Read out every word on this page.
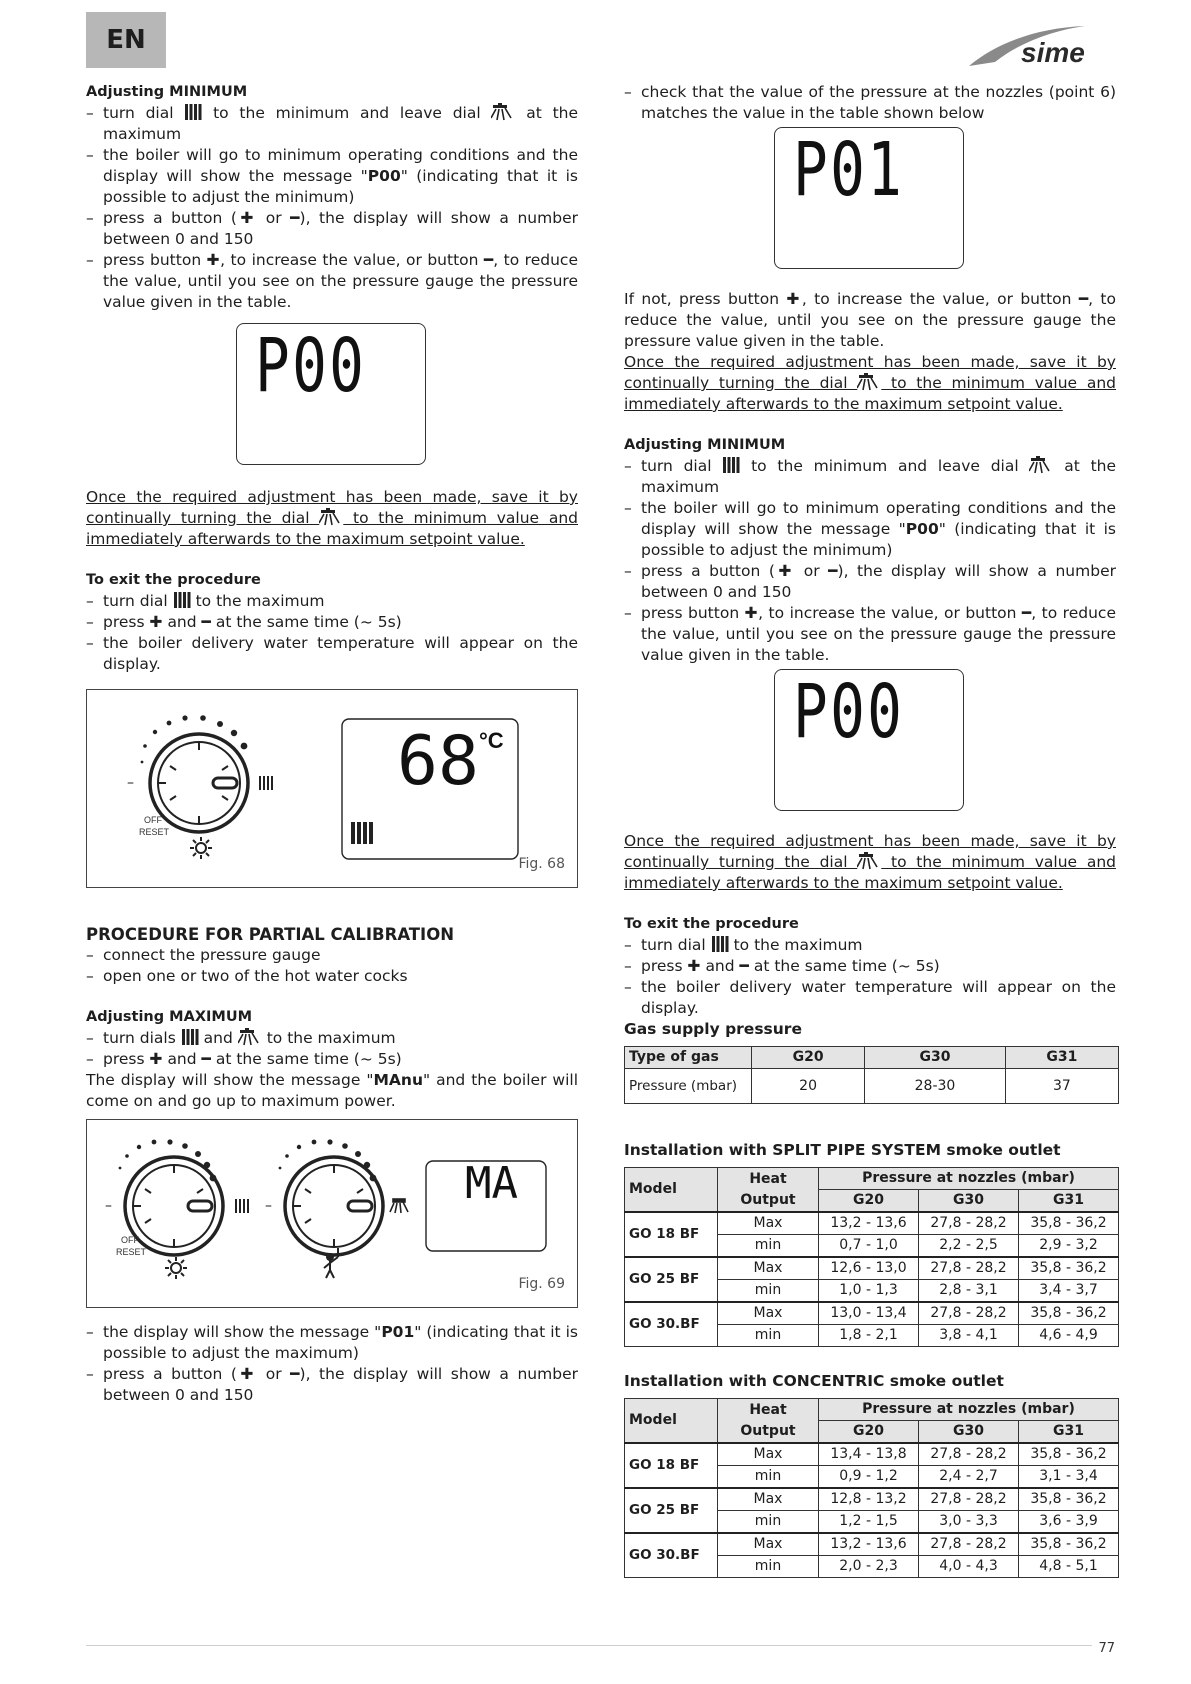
EN	sime
Adjusting MINIMUM
– turn dial	to the minimum and leave dial	at the maximum
– the boiler will go to minimum operating conditions and the display will show the message "P00" (indicating that it is possible to adjust the minimum)
– press a button (✚ or ━), the display will show a number between 0 and 150
– press button ✚, to increase the value, or button ━, to reduce the value, until you see on the pressure gauge the pressure value given in the table.
P00

Once the required adjustment has been made, save it by continually turning the dial	to the minimum value and immediately afterwards to the maximum setpoint value.

To exit the procedure
– turn dial to the maximum
– press ✚ and ━ at the same time (~ 5s)
– the boiler delivery water temperature will appear on the display.
–
OFF
RESET
68 °C
Fig. 68
PROCEDURE FOR PARTIAL CALIBRATION
– connect the pressure gauge
– open one or two of the hot water cocks
Adjusting MAXIMUM
– turn dials and to the maximum
– press ✚ and ━ at the same time (~ 5s)

The display will show the message "MAnu" and the boiler will come on and go up to maximum power.

–
OFF
RESET
–	MA
Fig. 69
– the display will show the message "P01" (indicating that it is possible to adjust the maximum)
– press a button (✚ or ━), the display will show a number between 0 and 150
– check that the value of the pressure at the nozzles (point 6) matches the value in the table shown below
P01

If not, press button ✚, to increase the value, or button ━, to reduce the value, until you see on the pressure gauge the pressure value given in the table.

Once the required adjustment has been made, save it by continually turning the dial	to the minimum value and immediately afterwards to the maximum setpoint value.

Adjusting MINIMUM
– turn dial	to the minimum and leave dial	at the maximum
– the boiler will go to minimum operating conditions and the display will show the message "P00" (indicating that it is possible to adjust the minimum)
– press a button (✚ or ━), the display will show a number between 0 and 150
– press button ✚, to increase the value, or button ━, to reduce the value, until you see on the pressure gauge the pressure value given in the table.
P00

Once the required adjustment has been made, save it by continually turning the dial	to the minimum value and immediately afterwards to the maximum setpoint value.

To exit the procedure
– turn dial to the maximum
– press ✚ and ━ at the same time (~ 5s)
– the boiler delivery water temperature will appear on the display.
Gas supply pressure
Type of gas	G20	G30	G31
Pressure (mbar)	20	28-30	37
Installation with SPLIT PIPE SYSTEM smoke outlet
Model	Heat Output	Pressure at nozzles (mbar)		
		G20	G30	G31
GO 18 BF	Max	13,2 - 13,6	27,8 - 28,2	35,8 - 36,2
	min	0,7 - 1,0	2,2 - 2,5	2,9 - 3,2
GO 25 BF	Max	12,6 - 13,0	27,8 - 28,2	35,8 - 36,2
	min	1,0 - 1,3	2,8 - 3,1	3,4 - 3,7
GO 30.BF	Max	13,0 - 13,4	27,8 - 28,2	35,8 - 36,2
	min	1,8 - 2,1	3,8 - 4,1	4,6 - 4,9
Installation with CONCENTRIC smoke outlet
Model	Heat Output	Pressure at nozzles (mbar)		
		G20	G30	G31
GO 18 BF	Max	13,4 - 13,8	27,8 - 28,2	35,8 - 36,2
	min	0,9 - 1,2	2,4 - 2,7	3,1 - 3,4
GO 25 BF	Max	12,8 - 13,2	27,8 - 28,2	35,8 - 36,2
	min	1,2 - 1,5	3,0 - 3,3	3,6 - 3,9
GO 30.BF	Max	13,2 - 13,6	27,8 - 28,2	35,8 - 36,2
	min	2,0 - 2,3	4,0 - 4,3	4,8 - 5,1
77
